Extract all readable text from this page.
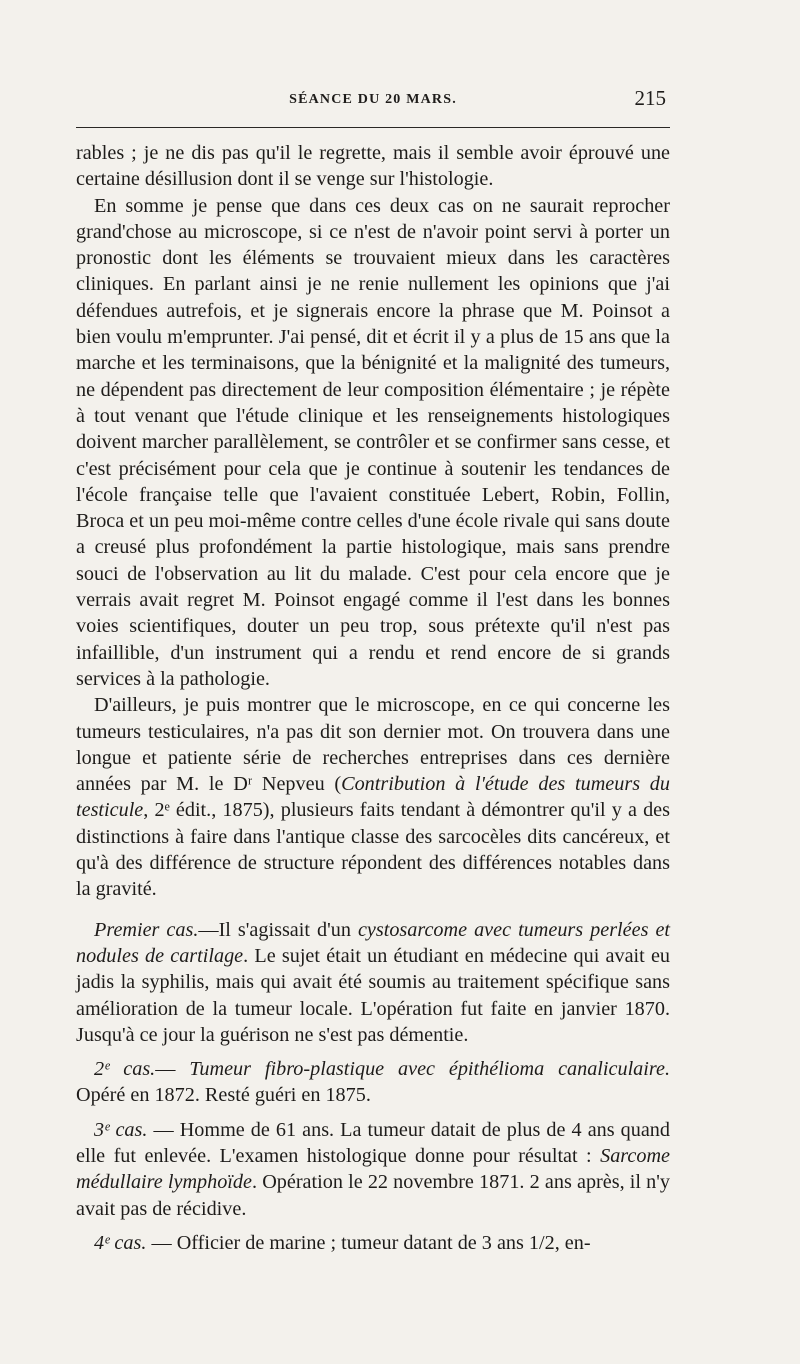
SÉANCE DU 20 MARS.	215

rables ; je ne dis pas qu'il le regrette, mais il semble avoir éprouvé une certaine désillusion dont il se venge sur l'histologie.

En somme je pense que dans ces deux cas on ne saurait reprocher grand'chose au microscope, si ce n'est de n'avoir point servi à porter un pronostic dont les éléments se trouvaient mieux dans les caractères cliniques. En parlant ainsi je ne renie nullement les opinions que j'ai défendues autrefois, et je signerais encore la phrase que M. Poinsot a bien voulu m'emprunter. J'ai pensé, dit et écrit il y a plus de 15 ans que la marche et les terminaisons, que la bénignité et la malignité des tumeurs, ne dépendent pas directement de leur composition élémentaire ; je répète à tout venant que l'étude clinique et les renseignements histologiques doivent marcher parallèlement, se contrôler et se confirmer sans cesse, et c'est précisément pour cela que je continue à soutenir les tendances de l'école française telle que l'avaient constituée Lebert, Robin, Follin, Broca et un peu moi-même contre celles d'une école rivale qui sans doute a creusé plus profondément la partie histologique, mais sans prendre souci de l'observation au lit du malade. C'est pour cela encore que je verrais avait regret M. Poinsot engagé comme il l'est dans les bonnes voies scientifiques, douter un peu trop, sous prétexte qu'il n'est pas infaillible, d'un instrument qui a rendu et rend encore de si grands services à la pathologie.

D'ailleurs, je puis montrer que le microscope, en ce qui concerne les tumeurs testiculaires, n'a pas dit son dernier mot. On trouvera dans une longue et patiente série de recherches entreprises dans ces dernière années par M. le Dʳ Nepveu (Contribution à l'étude des tumeurs du testicule, 2ᵉ édit., 1875), plusieurs faits tendant à démontrer qu'il y a des distinctions à faire dans l'antique classe des sarcocèles dits cancéreux, et qu'à des différence de structure répondent des différences notables dans la gravité.

Premier cas.—Il s'agissait d'un cystosarcome avec tumeurs perlées et nodules de cartilage. Le sujet était un étudiant en médecine qui avait eu jadis la syphilis, mais qui avait été soumis au traitement spécifique sans amélioration de la tumeur locale. L'opération fut faite en janvier 1870. Jusqu'à ce jour la guérison ne s'est pas démentie.

2ᵉ cas.— Tumeur fibro-plastique avec épithélioma canaliculaire. Opéré en 1872. Resté guéri en 1875.

3ᵉ cas. — Homme de 61 ans. La tumeur datait de plus de 4 ans quand elle fut enlevée. L'examen histologique donne pour résultat : Sarcome médullaire lymphoïde. Opération le 22 novembre 1871. 2 ans après, il n'y avait pas de récidive.

4ᵉ cas. — Officier de marine ; tumeur datant de 3 ans 1/2, en-
